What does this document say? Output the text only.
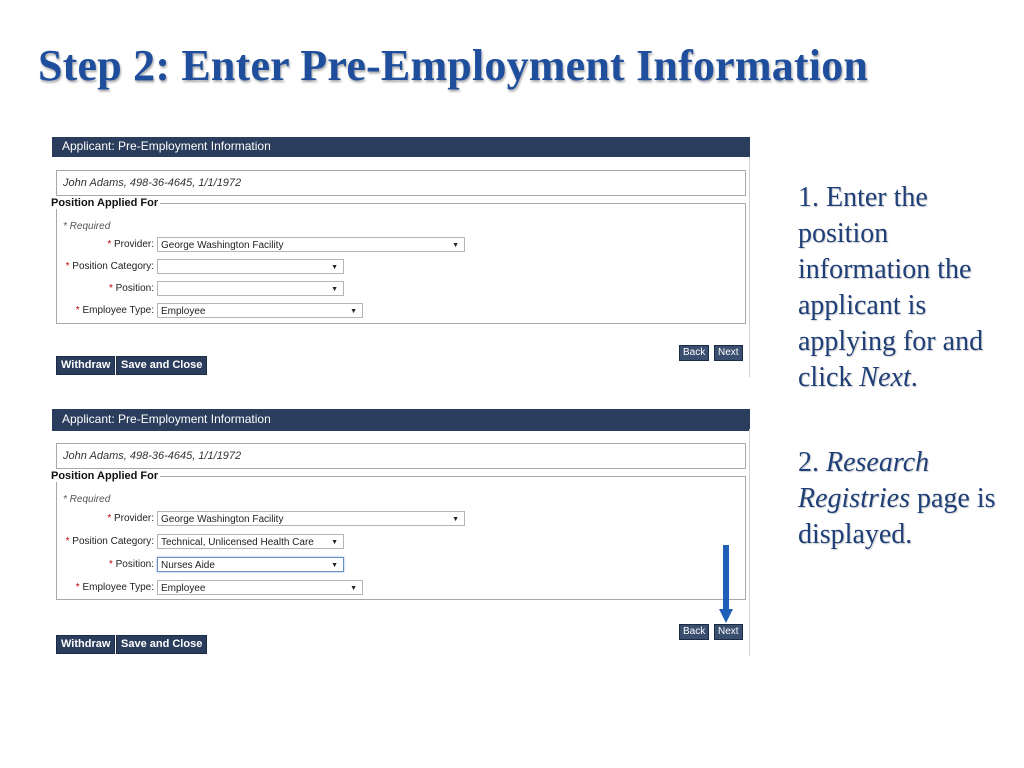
Step 2: Enter Pre-Employment Information
Applicant: Pre-Employment Information
John Adams, 498-36-4645, 1/1/1972
Position Applied For
* Required
* Provider: George Washington Facility	▼
* Position Category:	▼
* Position:	▼
* Employee Type: Employee	▼
Withdraw Save and Close
Back	Next
Applicant: Pre-Employment Information
John Adams, 498-36-4645, 1/1/1972
Position Applied For
* Required
* Provider: George Washington Facility	▼
* Position Category: Technical, Unlicensed Health Care ▼
* Position: Nurses Aide	▼
* Employee Type: Employee	▼
Withdraw Save and Close
Back	Next
1. Enter the position information the applicant is applying for and click Next.
2. Research Registries page is displayed.
